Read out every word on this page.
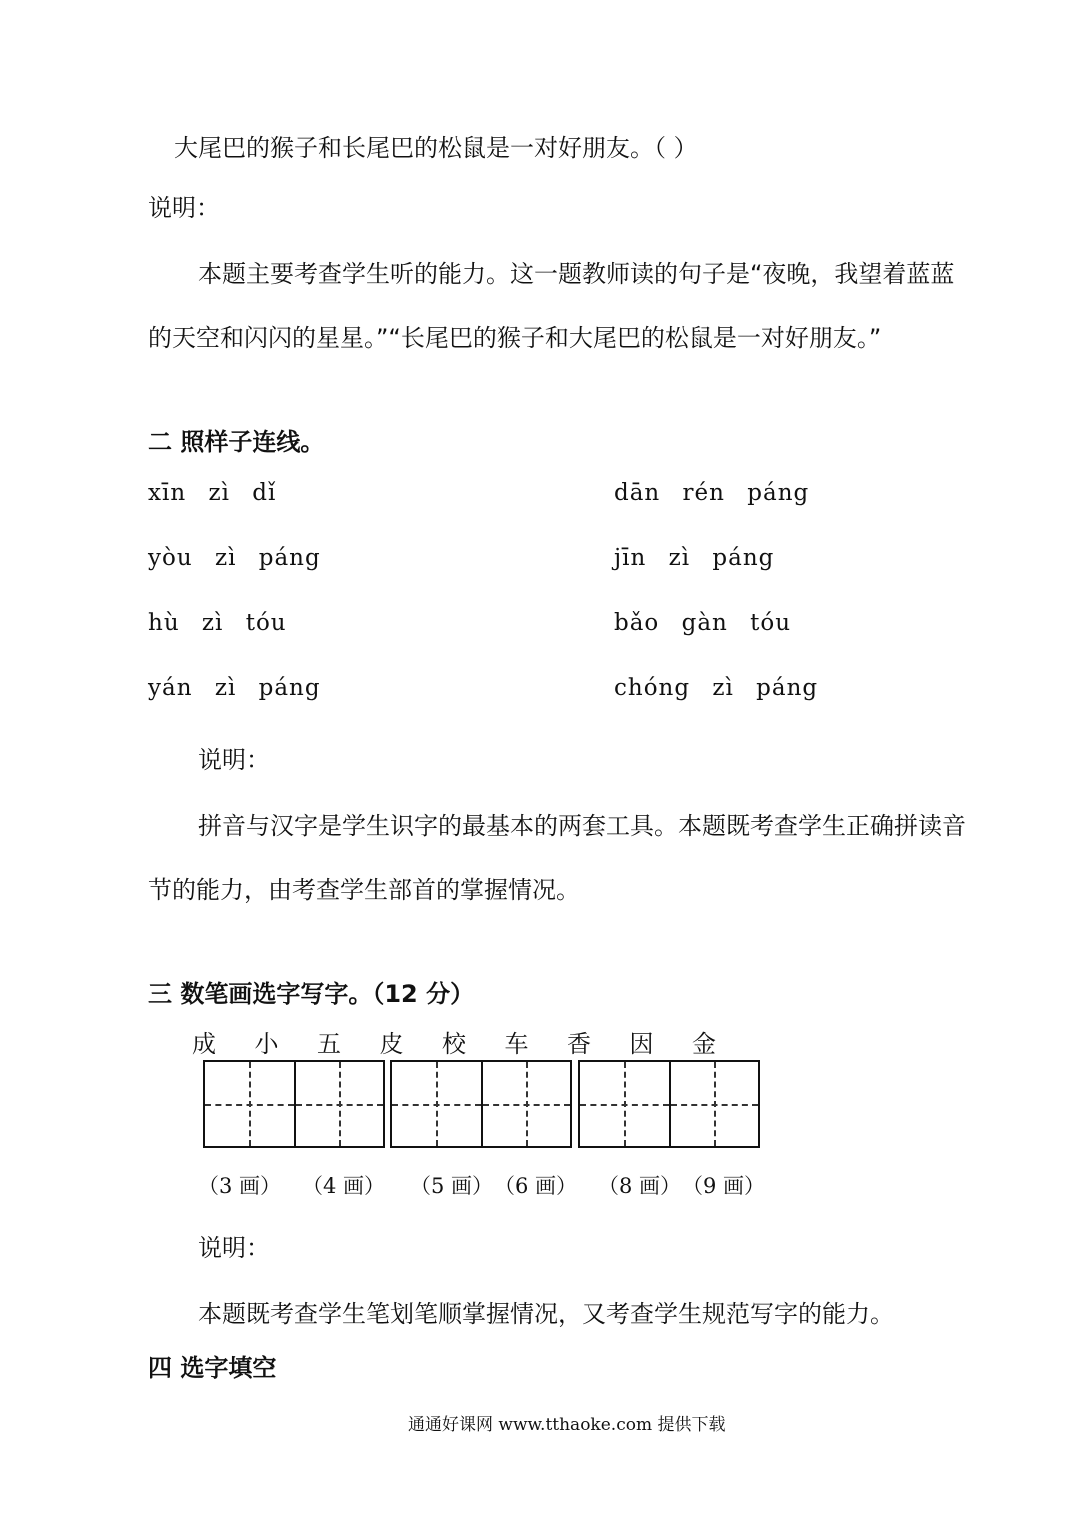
大尾巴的猴子和长尾巴的松鼠是一对好朋友。（ ）
说明：
本题主要考查学生听的能力。这一题教师读的句子是“夜晚，我望着蓝蓝
的天空和闪闪的星星。”“长尾巴的猴子和大尾巴的松鼠是一对好朋友。”
二 照样子连线。
xīn zì dǐ
yòu zì páng
hù zì tóu
yán zì páng
dān rén páng
jīn zì páng
bǎo gàn tóu
chóng zì páng
说明：
拼音与汉字是学生识字的最基本的两套工具。本题既考查学生正确拼读音
节的能力，由考查学生部首的掌握情况。
三 数笔画选字写字。（12 分）
成 小 五 皮 校 车 香 因 金
（3 画） （4 画） （5 画） （6 画） （8 画） （9 画）
说明：
本题既考查学生笔划笔顺掌握情况，又考查学生规范写字的能力。
四 选字填空
通通好课网 www.tthaoke.com 提供下载
